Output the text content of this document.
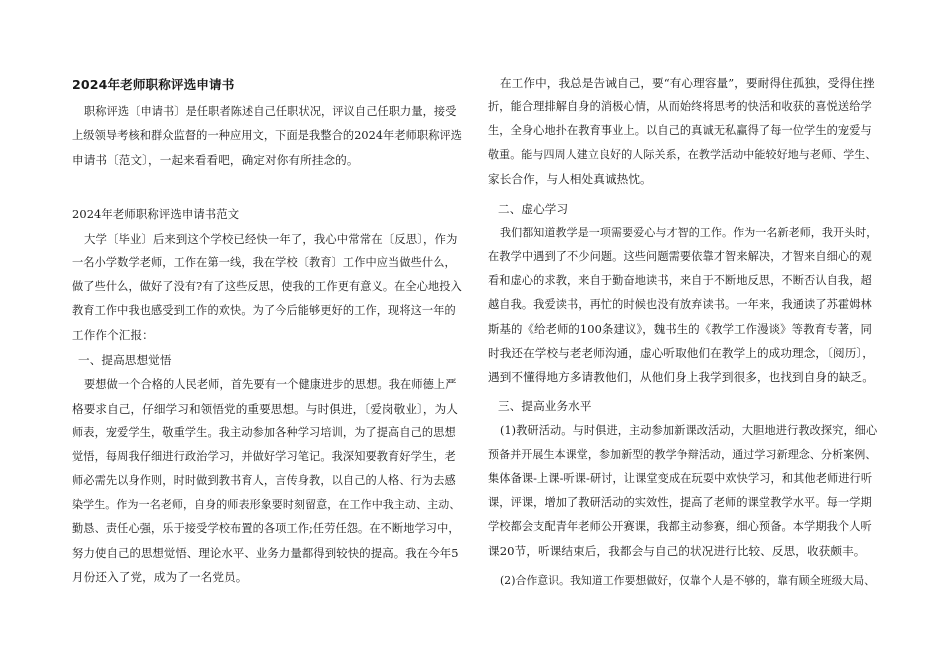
2024年老师职称评选申请书
职称评选〔申请书〕是任职者陈述自己任职状况，评议自己任职力量，接受
上级领导考核和群众监督的一种应用文，下面是我整合的2024年老师职称评选
申请书〔范文〕，一起来看看吧，确定对你有所挂念的。
2024年老师职称评选申请书范文
大学〔毕业〕后来到这个学校已经快一年了，我心中常常在〔反思〕，作为
一名小学数学老师，工作在第一线，我在学校〔教育〕工作中应当做些什么，
做了些什么，做好了没有?有了这些反思，使我的工作更有意义。在全心地投入
教育工作中我也感受到工作的欢快。为了今后能够更好的工作，现将这一年的
工作作个汇报：
一、提高思想觉悟
要想做一个合格的人民老师，首先要有一个健康进步的思想。我在师德上严
格要求自己，仔细学习和领悟党的重要思想。与时俱进，〔爱岗敬业〕，为人
师表，宠爱学生，敬重学生。我主动参加各种学习培训，为了提高自己的思想
觉悟，每周我仔细进行政治学习，并做好学习笔记。我深知要教育好学生，老
师必需先以身作则，时时做到教书育人，言传身教，以自己的人格、行为去感
染学生。作为一名老师，自身的师表形象要时刻留意，在工作中我主动、主动、
勤恳、责任心强，乐于接受学校布置的各项工作;任劳任怨。在不断地学习中，
努力使自己的思想觉悟、理论水平、业务力量都得到较快的提高。我在今年5
月份还入了党，成为了一名党员。
在工作中，我总是告诫自己，要“有心理容量”，要耐得住孤独，受得住挫
折，能合理排解自身的消极心情，从而始终将思考的快活和收获的喜悦送给学
生，全身心地扑在教育事业上。以自己的真诚无私赢得了每一位学生的宠爱与
敬重。能与四周人建立良好的人际关系，在教学活动中能较好地与老师、学生、
家长合作，与人相处真诚热忱。
二、虚心学习
我们都知道教学是一项需要爱心与才智的工作。作为一名新老师，我开头时，
在教学中遇到了不少问题。这些问题需要依靠才智来解决，才智来自细心的观
看和虚心的求教，来自于勤奋地读书，来自于不断地反思，不断否认自我，超
越自我。我爱读书，再忙的时候也没有放弃读书。一年来，我通读了苏霍姆林
斯基的《给老师的100条建议》，魏书生的《教学工作漫谈》等教育专著，同
时我还在学校与老老师沟通，虚心听取他们在教学上的成功理念，〔阅历〕，
遇到不懂得地方多请教他们，从他们身上我学到很多，也找到自身的缺乏。
三、提高业务水平
(1)教研活动。与时俱进，主动参加新课改活动，大胆地进行教改探究，细心
预备并开展生本课堂，参加新型的教学争辩活动，通过学习新理念、分析案例、
集体备课-上课-听课-研讨，让课堂变成在玩耍中欢快学习，和其他老师进行听
课，评课，增加了教研活动的实效性，提高了老师的课堂教学水平。每一学期
学校都会支配青年老师公开赛课，我都主动参赛，细心预备。本学期我个人听
课20节，听课结束后，我都会与自己的状况进行比较、反思，收获颇丰。
(2)合作意识。我知道工作要想做好，仅靠个人是不够的，靠有顾全班级大局、
